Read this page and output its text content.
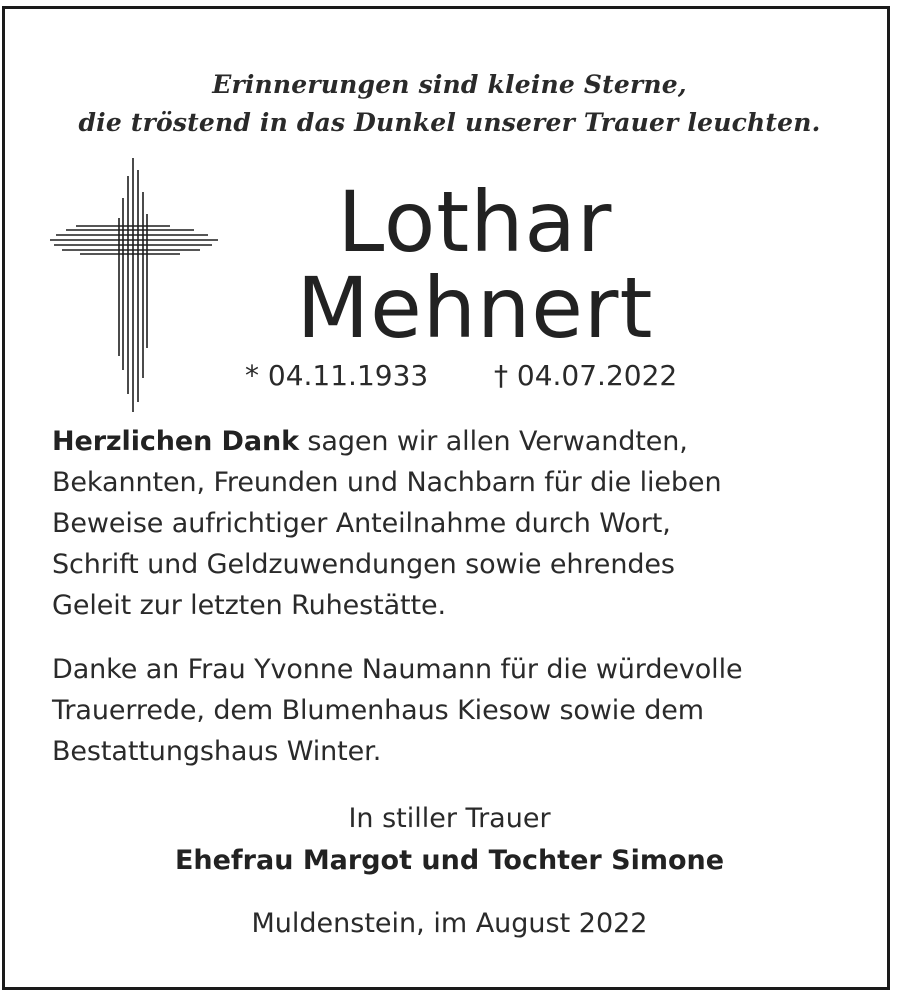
Erinnerungen sind kleine Sterne,
die tröstend in das Dunkel unserer Trauer leuchten.
Lothar
Mehnert
* 04.11.1933 † 04.07.2022
Herzlichen Dank sagen wir allen Verwandten,
Bekannten, Freunden und Nachbarn für die lieben
Beweise aufrichtiger Anteilnahme durch Wort,
Schrift und Geldzuwendungen sowie ehrendes
Geleit zur letzten Ruhestätte.
Danke an Frau Yvonne Naumann für die würdevolle
Trauerrede, dem Blumenhaus Kiesow sowie dem
Bestattungshaus Winter.
In stiller Trauer
Ehefrau Margot und Tochter Simone
Muldenstein, im August 2022
